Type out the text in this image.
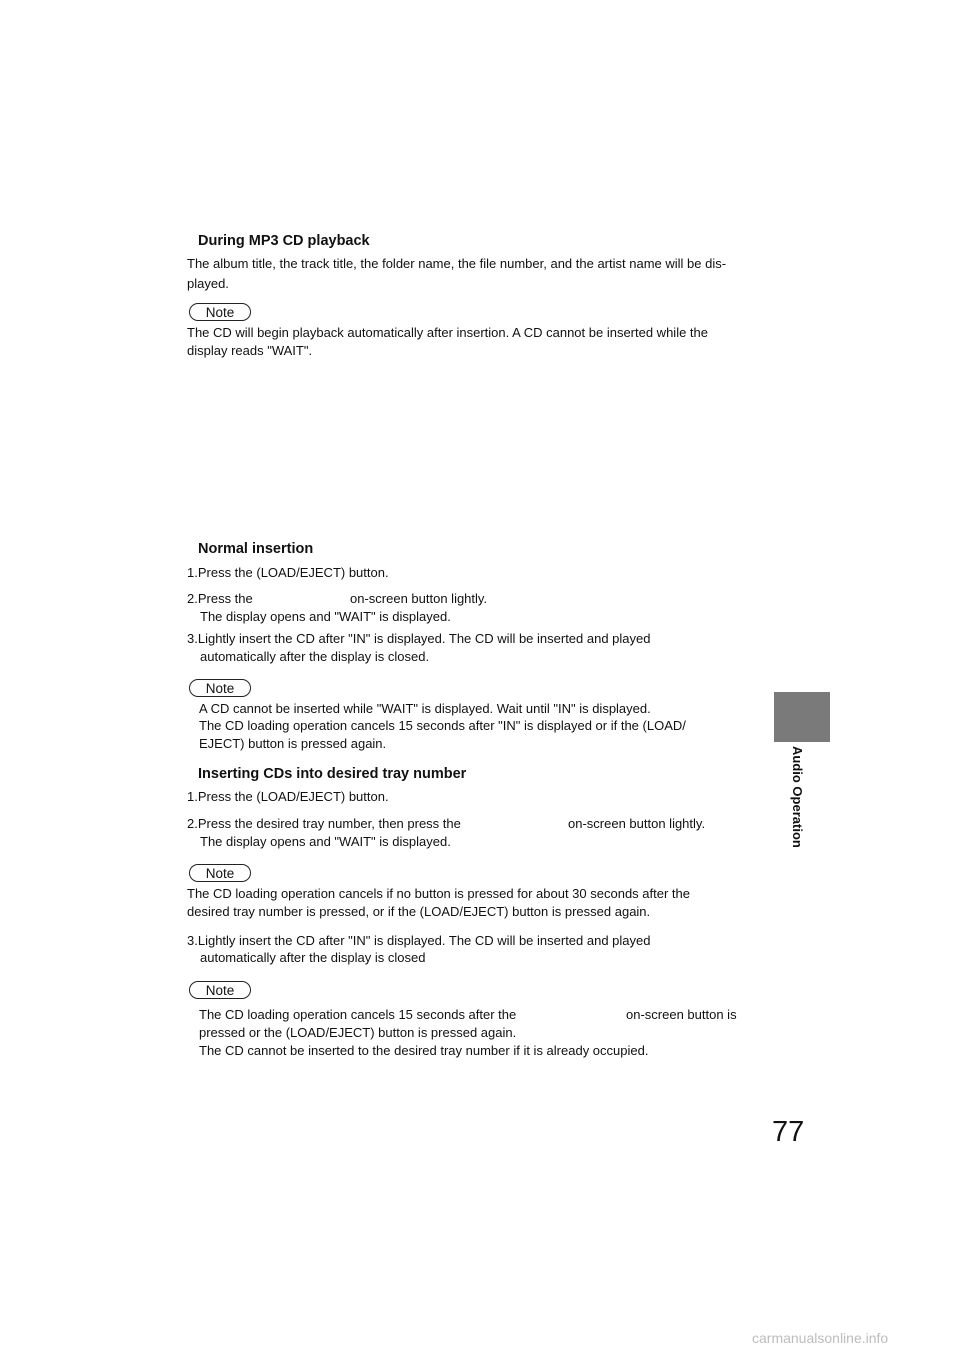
During MP3 CD playback
The album title, the track title, the folder name, the file number, and the artist name will be dis-
played.
Note
The CD will begin playback automatically after insertion. A CD cannot be inserted while the
display reads "WAIT".
Normal insertion
1.Press the (LOAD/EJECT) button.
2.Press the	on-screen button lightly.
The display opens and "WAIT" is displayed.
3.Lightly insert the CD after "IN" is displayed. The CD will be inserted and played
automatically after the display is closed.
Note
A CD cannot be inserted while "WAIT" is displayed. Wait until "IN" is displayed.
The CD loading operation cancels 15 seconds after "IN" is displayed or if the (LOAD/
EJECT) button is pressed again.
Inserting CDs into desired tray number
1.Press the (LOAD/EJECT) button.
2.Press the desired tray number, then press the	on-screen button lightly.
The display opens and "WAIT" is displayed.
Note
The CD loading operation cancels if no button is pressed for about 30 seconds after the
desired tray number is pressed, or if the (LOAD/EJECT) button is pressed again.
3.Lightly insert the CD after "IN" is displayed. The CD will be inserted and played
automatically after the display is closed
Note
The CD loading operation cancels 15 seconds after the	on-screen button is
pressed or the (LOAD/EJECT) button is pressed again.
The CD cannot be inserted to the desired tray number if it is already occupied.
Audio Operation
77
carmanualsonline.info
